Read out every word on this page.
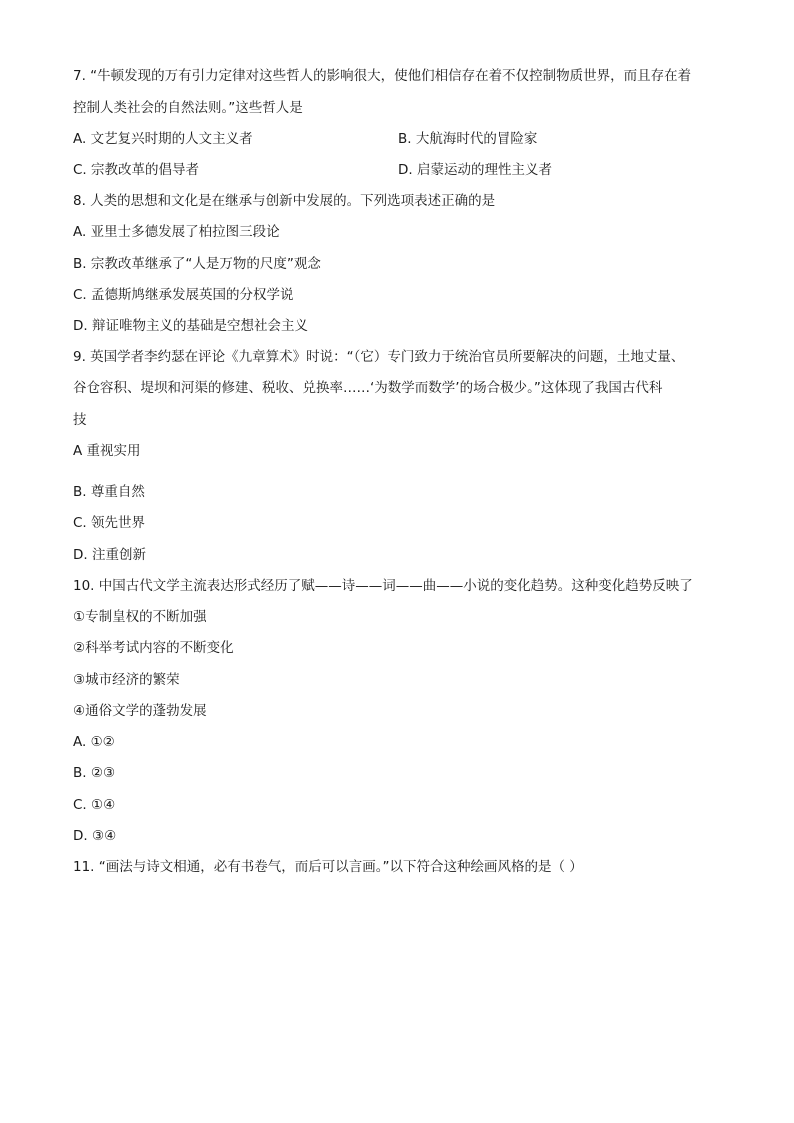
7. “牛顿发现的万有引力定律对这些哲人的影响很大，使他们相信存在着不仅控制物质世界，而且存在着
控制人类社会的自然法则。”这些哲人是
A. 文艺复兴时期的人文主义者	B. 大航海时代的冒险家
C. 宗教改革的倡导者	D. 启蒙运动的理性主义者
8. 人类的思想和文化是在继承与创新中发展的。下列选项表述正确的是
A. 亚里士多德发展了柏拉图三段论
B. 宗教改革继承了“人是万物的尺度”观念
C. 孟德斯鸠继承发展英国的分权学说
D. 辩证唯物主义的基础是空想社会主义
9. 英国学者李约瑟在评论《九章算术》时说：“（它）专门致力于统治官员所要解决的问题，土地丈量、
谷仓容积、堤坝和河渠的修建、税收、兑换率……‘为数学而数学’的场合极少。”这体现了我国古代科
技
A 重视实用
B. 尊重自然
C. 领先世界
D. 注重创新
10. 中国古代文学主流表达形式经历了赋——诗——词——曲——小说的变化趋势。这种变化趋势反映了
①专制皇权的不断加强
②科举考试内容的不断变化
③城市经济的繁荣
④通俗文学的蓬勃发展
A. ①②
B. ②③
C. ①④
D. ③④
11. “画法与诗文相通，必有书卷气，而后可以言画。”以下符合这种绘画风格的是（ ）
